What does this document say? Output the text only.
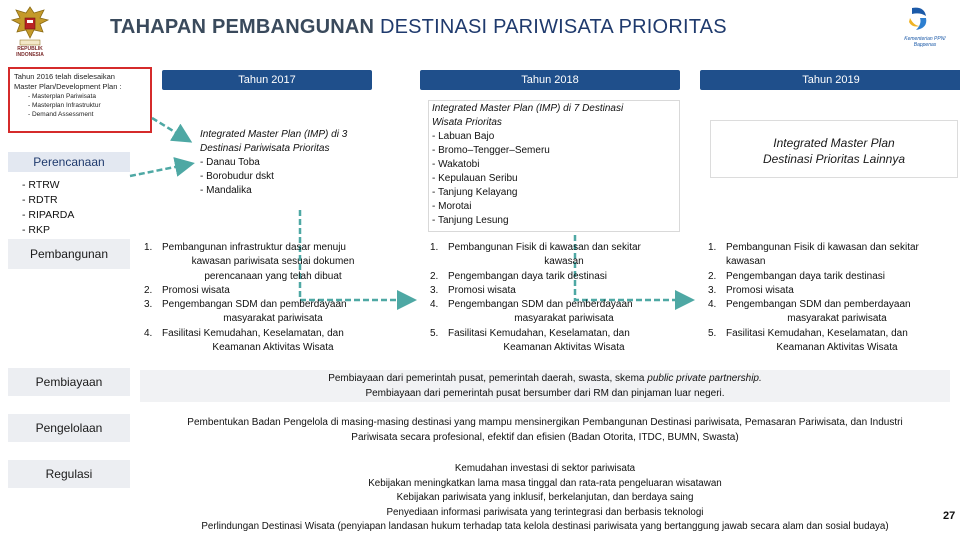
REPUBLIK
INDONESIA
TAHAPAN PEMBANGUNAN DESTINASI PARIWISATA PRIORITAS
Kementerian PPN/
Bappenas
Tahun 2016 telah diselesaikan
Master Plan/Development Plan :
- Masterplan Pariwisata
- Masterplan Infrastruktur
- Demand Assessment
Tahun 2017	Tahun 2018	Tahun 2019
Perencanaan
- RTRW
- RDTR
- RIPARDA
- RKP
Pembangunan
Pembiayaan
Pengelolaan
Regulasi
Integrated Master Plan (IMP) di 3
Destinasi Pariwisata Prioritas
- Danau Toba
- Borobudur dskt
- Mandalika
Integrated Master Plan (IMP) di 7 Destinasi
Wisata Prioritas
- Labuan Bajo
- Bromo–Tengger–Semeru
- Wakatobi
- Kepulauan Seribu
- Tanjung Kelayang
- Morotai
- Tanjung Lesung
Integrated Master Plan
Destinasi Prioritas Lainnya
1. Pembangunan infrastruktur dasar menuju
kawasan pariwisata sesuai dokumen
perencanaan yang telah dibuat
2. Promosi wisata
3. Pengembangan SDM dan pemberdayaan
masyarakat pariwisata
4. Fasilitasi Kemudahan, Keselamatan, dan
Keamanan Aktivitas Wisata
1. Pembangunan Fisik di kawasan dan sekitar
kawasan
2. Pengembangan daya tarik destinasi
3. Promosi wisata
4. Pengembangan SDM dan pemberdayaan
masyarakat pariwisata
5. Fasilitasi Kemudahan, Keselamatan, dan
Keamanan Aktivitas Wisata
1. Pembangunan Fisik di kawasan dan sekitar
kawasan
2. Pengembangan daya tarik destinasi
3. Promosi wisata
4. Pengembangan SDM dan pemberdayaan
masyarakat pariwisata
5. Fasilitasi Kemudahan, Keselamatan, dan
Keamanan Aktivitas Wisata
Pembiayaan dari pemerintah pusat, pemerintah daerah, swasta, skema public private partnership.
Pembiayaan dari pemerintah pusat bersumber dari RM dan pinjaman luar negeri.
Pembentukan Badan Pengelola di masing-masing destinasi yang mampu mensinergikan Pembangunan Destinasi pariwisata, Pemasaran Pariwisata, dan Industri
Pariwisata secara profesional, efektif dan efisien (Badan Otorita, ITDC, BUMN, Swasta)
Kemudahan investasi di sektor pariwisata
Kebijakan meningkatkan lama masa tinggal dan rata-rata pengeluaran wisatawan
Kebijakan pariwisata yang inklusif, berkelanjutan, dan berdaya saing
Penyediaan informasi pariwisata yang terintegrasi dan berbasis teknologi
Perlindungan Destinasi Wisata (penyiapan landasan hukum terhadap tata kelola destinasi pariwisata yang bertanggung jawab secara alam dan sosial budaya)
27
